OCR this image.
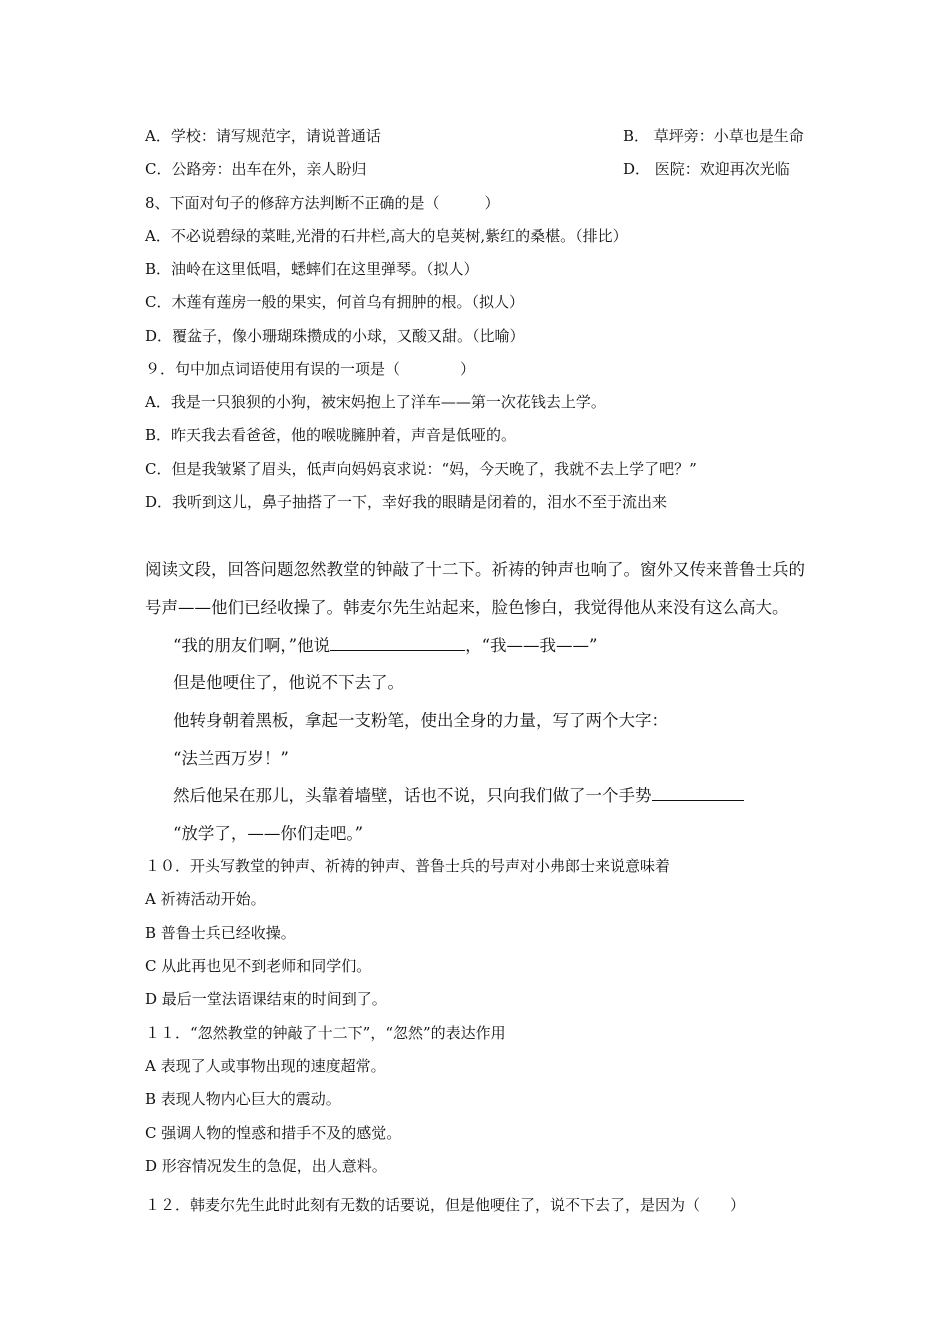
A．学校：请写规范字，请说普通话	B． 草坪旁：小草也是生命
C．公路旁：出车在外，亲人盼归	D． 医院：欢迎再次光临
8、下面对句子的修辞方法判断不正确的是（　　　）
A．不必说碧绿的菜畦,光滑的石井栏,高大的皂荚树,紫红的桑椹。（排比）
B．油岭在这里低唱，蟋蟀们在这里弹琴。（拟人）
C．木莲有莲房一般的果实，何首乌有拥肿的根。（拟人）
D．覆盆子，像小珊瑚珠攒成的小球，又酸又甜。（比喻）
９．句中加点词语使用有误的一项是（　　　　）
A．我是一只狼狈的小狗，被宋妈抱上了洋车——第一次花钱去上学。
B．昨天我去看爸爸，他的喉咙臃肿着，声音是低哑的。
C．但是我皱紧了眉头，低声向妈妈哀求说：“妈，今天晚了，我就不去上学了吧？”
D．我听到这儿，鼻子抽搭了一下，幸好我的眼睛是闭着的，泪水不至于流出来
阅读文段，回答问题忽然教堂的钟敲了十二下。祈祷的钟声也响了。窗外又传来普鲁士兵的
号声——他们已经收操了。韩麦尔先生站起来，脸色惨白，我觉得他从来没有这么高大。
“我的朋友们啊，”他说	，“我——我——”
但是他哽住了，他说不下去了。
他转身朝着黑板，拿起一支粉笔，使出全身的力量，写了两个大字：
“法兰西万岁！”
然后他呆在那儿，头靠着墙壁，话也不说，只向我们做了一个手势
“放学了，——你们走吧。”
１０．开头写教堂的钟声、祈祷的钟声、普鲁士兵的号声对小弗郎士来说意味着
A 祈祷活动开始。
B 普鲁士兵已经收操。
C 从此再也见不到老师和同学们。
D 最后一堂法语课结束的时间到了。
１１．“忽然教堂的钟敲了十二下”，“忽然”的表达作用
A 表现了人或事物出现的速度超常。
B 表现人物内心巨大的震动。
C 强调人物的惶惑和措手不及的感觉。
D 形容情况发生的急促，出人意料。
１２．韩麦尔先生此时此刻有无数的话要说，但是他哽住了，说不下去了，是因为（　　）
